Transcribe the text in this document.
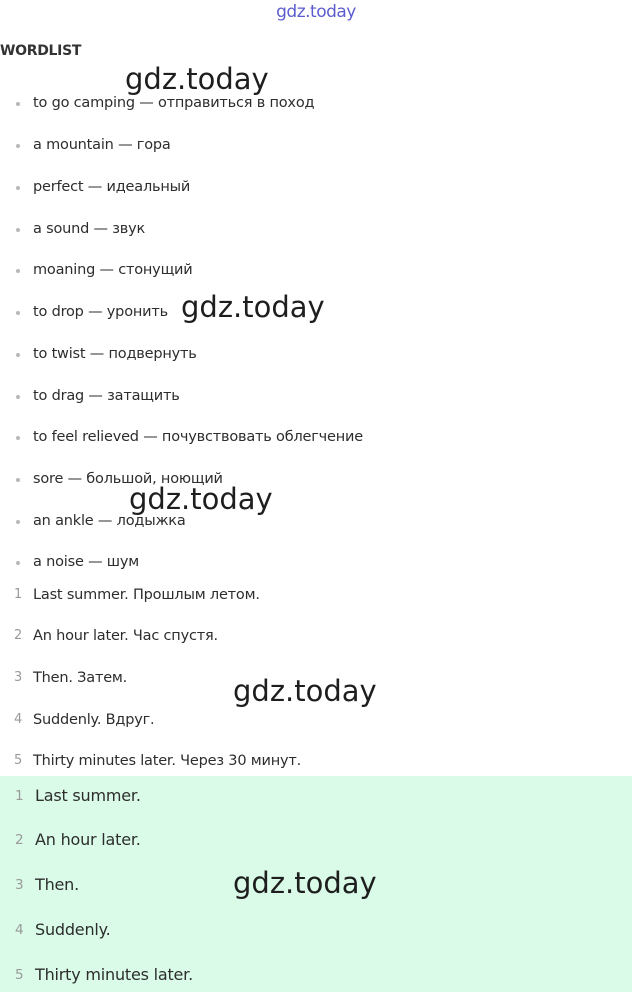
gdz.today
WORDLIST
to go camping — отправиться в поход
a mountain — гора
perfect — идеальный
a sound — звук
moaning — стонущий
to drop — уронить
to twist — подвернуть
to drag — затащить
to feel relieved — почувствовать облегчение
sore — большой, ноющий
an ankle — лодыжка
a noise — шум
1 Last summer. Прошлым летом.
2 An hour later. Час спустя.
3 Then. Затем.
4 Suddenly. Вдруг.
5 Thirty minutes later. Через 30 минут.
1 Last summer.
2 An hour later.
3 Then.
4 Suddenly.
5 Thirty minutes later.
gdz.today
gdz.today
gdz.today
gdz.today
gdz.today
